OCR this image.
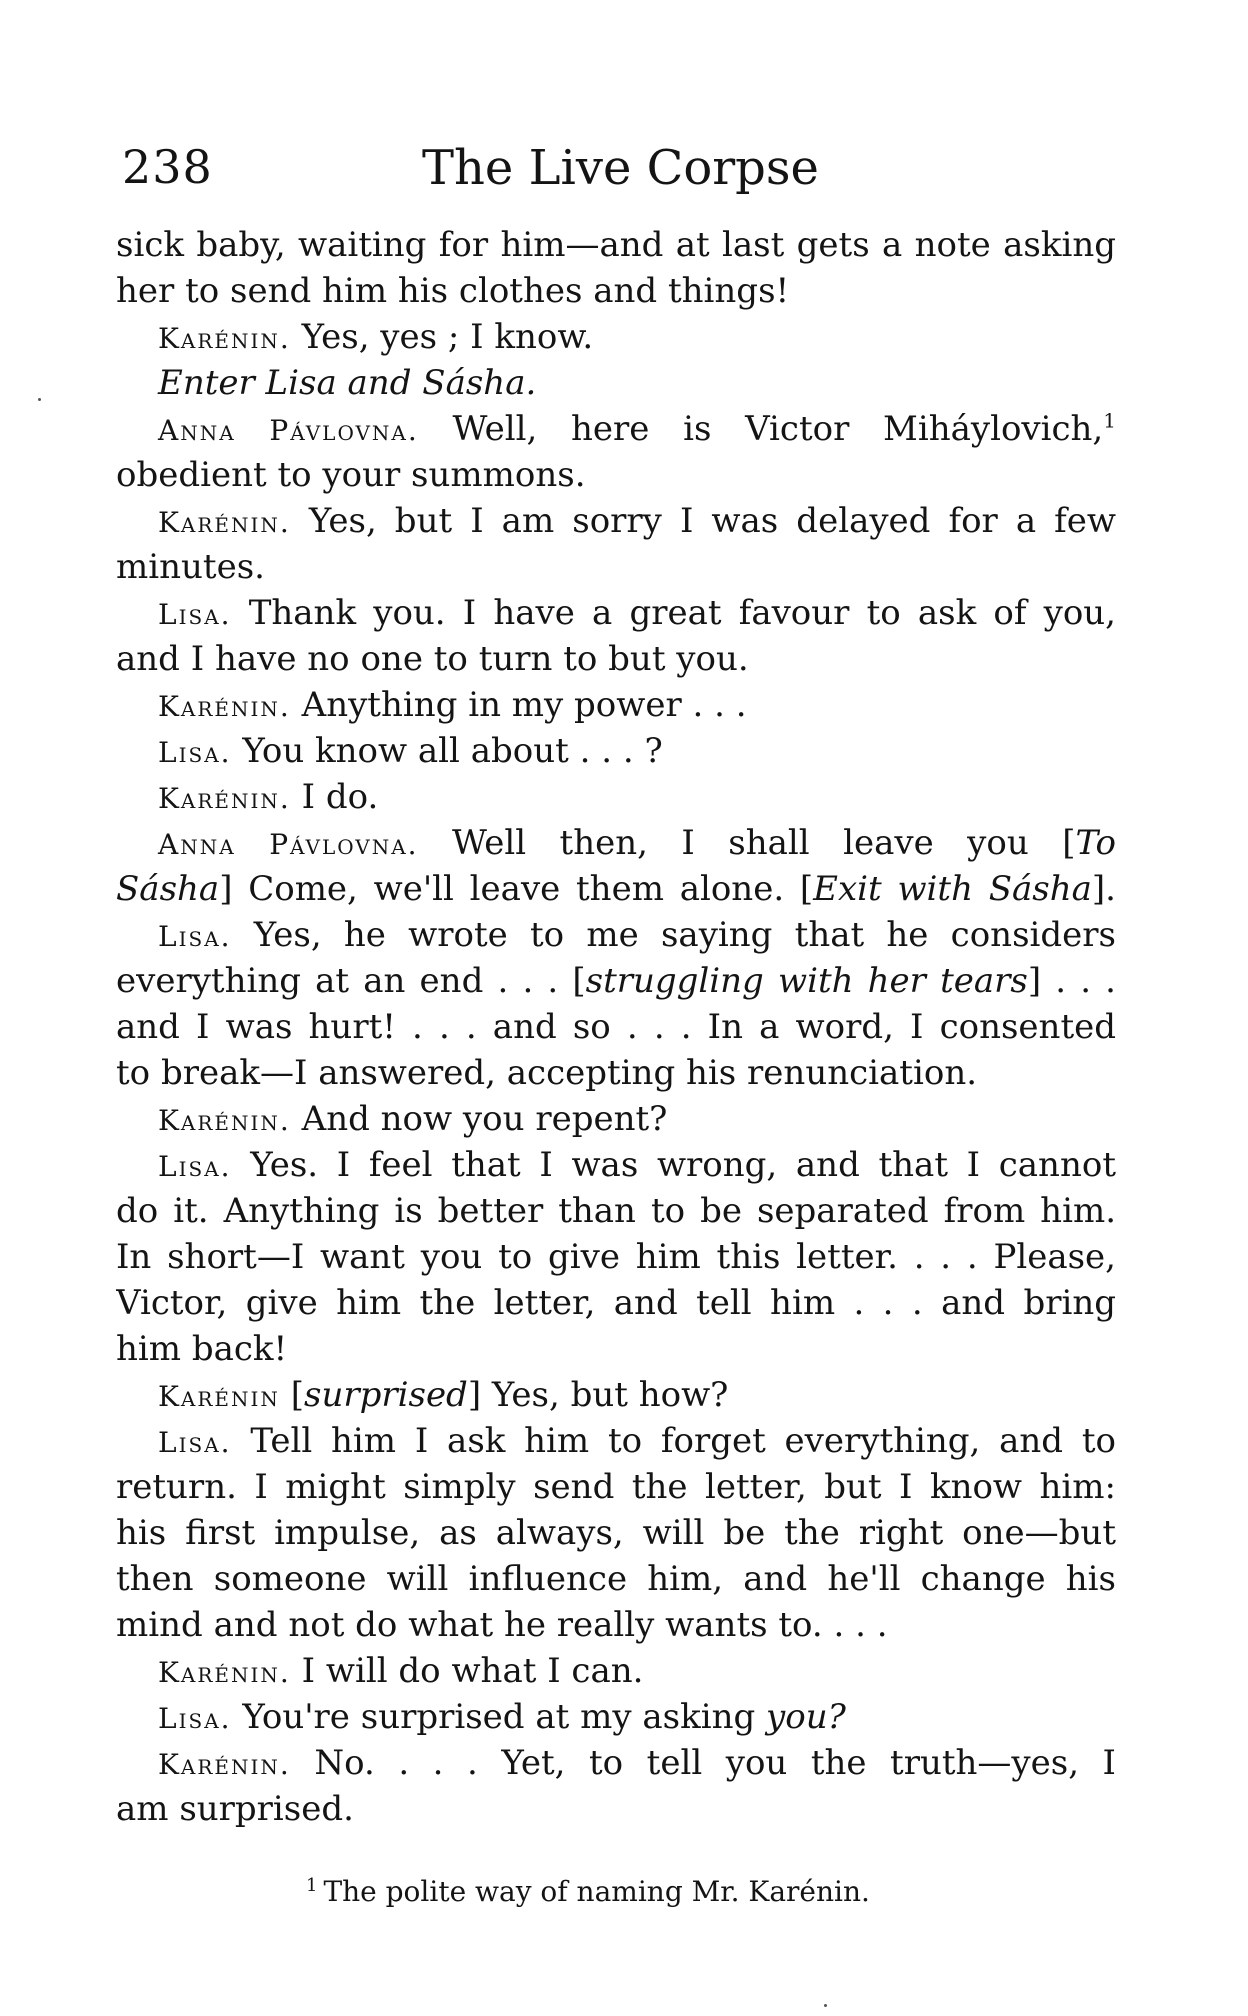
238	The Live Corpse
sick baby, waiting for him—and at last gets a note asking
her to send him his clothes and things!
Karénin. Yes, yes ; I know.
Enter Lisa and Sásha.
Anna Pávlovna. Well, here is Victor Miháylovich,$^1$
obedient to your summons.
Karénin. Yes, but I am sorry I was delayed for a few
minutes.
Lisa. Thank you. I have a great favour to ask of you,
and I have no one to turn to but you.
Karénin. Anything in my power . . .
Lisa. You know all about . . . ?
Karénin. I do.
Anna Pávlovna. Well then, I shall leave you [To
Sásha] Come, we'll leave them alone. [Exit with Sásha].
Lisa. Yes, he wrote to me saying that he considers
everything at an end . . . [struggling with her tears] . . .
and I was hurt! . . . and so . . . In a word, I consented
to break—I answered, accepting his renunciation.
Karénin. And now you repent?
Lisa. Yes. I feel that I was wrong, and that I cannot
do it. Anything is better than to be separated from him.
In short—I want you to give him this letter. . . . Please,
Victor, give him the letter, and tell him . . . and bring
him back!
Karénin [surprised] Yes, but how?
Lisa. Tell him I ask him to forget everything, and to
return. I might simply send the letter, but I know him:
his first impulse, as always, will be the right one—but
then someone will influence him, and he'll change his
mind and not do what he really wants to. . . .
Karénin. I will do what I can.
Lisa. You're surprised at my asking you?
Karénin. No. . . . Yet, to tell you the truth—yes, I
am surprised.
$^1$ The polite way of naming Mr. Karénin.
